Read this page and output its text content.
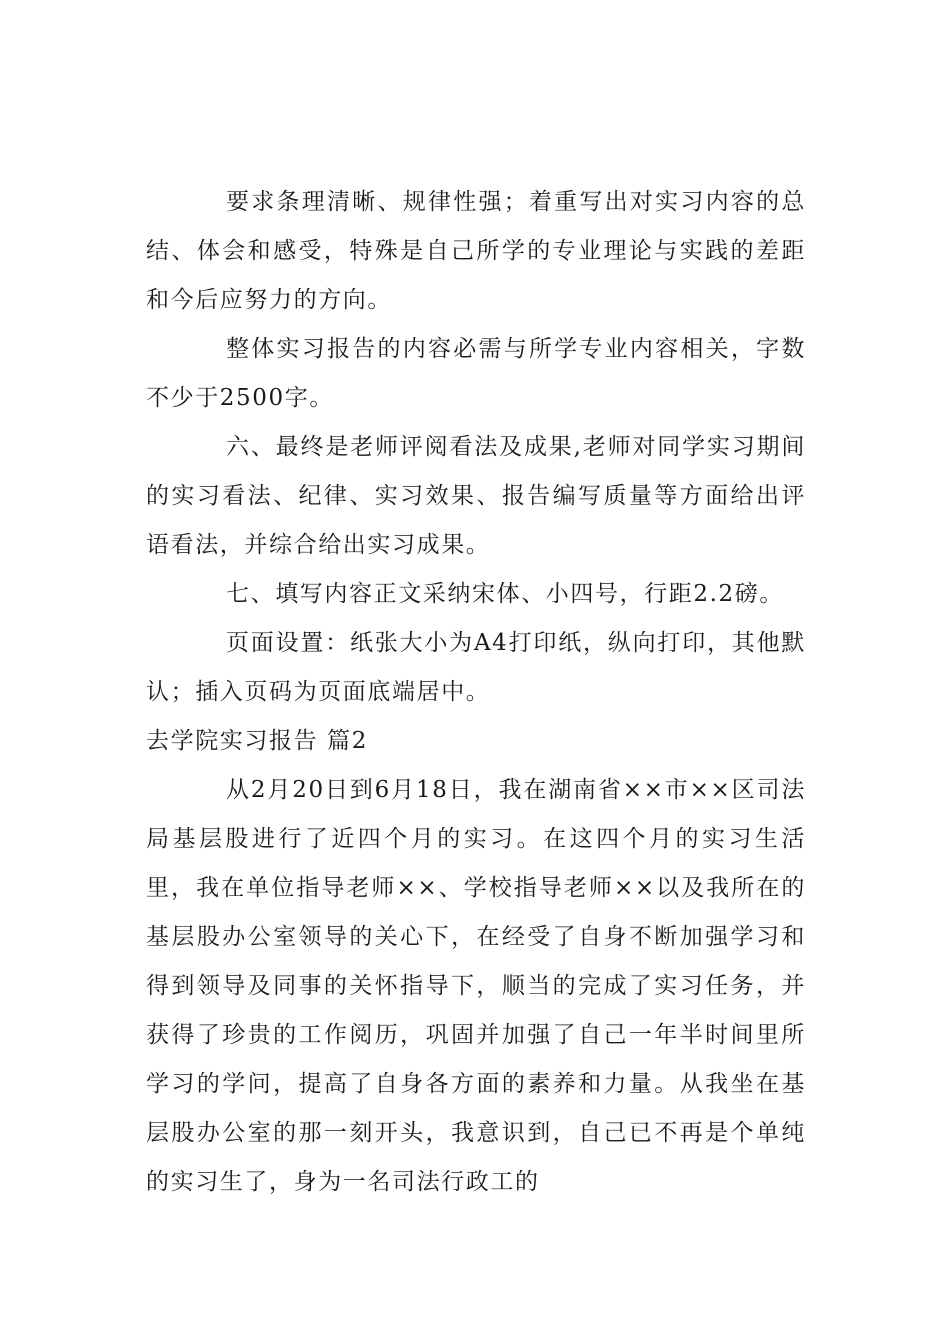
要求条理清晰、规律性强；着重写出对实习内容的总结、体会和感受，特殊是自己所学的专业理论与实践的差距和今后应努力的方向。

整体实习报告的内容必需与所学专业内容相关，字数不少于2500字。

六、最终是老师评阅看法及成果,老师对同学实习期间的实习看法、纪律、实习效果、报告编写质量等方面给出评语看法，并综合给出实习成果。

七、填写内容正文采纳宋体、小四号，行距2.2磅。

页面设置：纸张大小为A4打印纸，纵向打印，其他默认；插入页码为页面底端居中。

去学院实习报告 篇2

从2月20日到6月18日，我在湖南省××市××区司法局基层股进行了近四个月的实习。在这四个月的实习生活里，我在单位指导老师××、学校指导老师××以及我所在的基层股办公室领导的关心下，在经受了自身不断加强学习和得到领导及同事的关怀指导下，顺当的完成了实习任务，并获得了珍贵的工作阅历，巩固并加强了自己一年半时间里所学习的学问，提高了自身各方面的素养和力量。从我坐在基层股办公室的那一刻开头，我意识到，自己已不再是个单纯的实习生了，身为一名司法行政工的
